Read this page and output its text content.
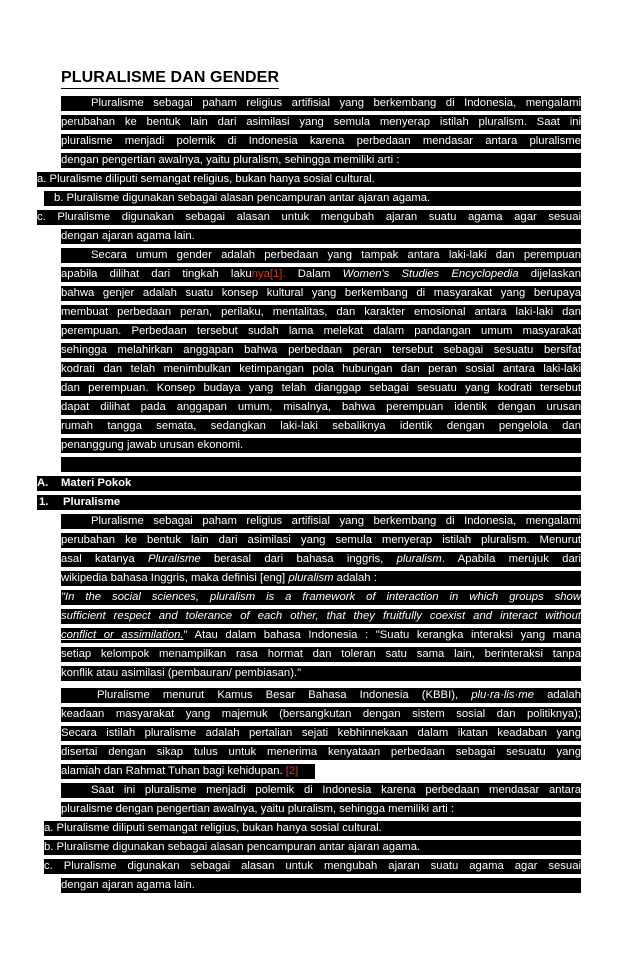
PLURALISME DAN GENDER
Pluralisme sebagai paham religius artifisial yang berkembang di Indonesia, mengalami
perubahan ke bentuk lain dari asimilasi yang semula menyerap istilah pluralism. Saat ini
pluralisme menjadi polemik di Indonesia karena perbedaan mendasar antara pluralisme
dengan pengertian awalnya, yaitu pluralism, sehingga memiliki arti :
a. Pluralisme diliputi semangat religius, bukan hanya sosial cultural.
b. Pluralisme digunakan sebagai alasan pencampuran antar ajaran agama.
c. Pluralisme digunakan sebagai alasan untuk mengubah ajaran suatu agama agar sesuai
dengan ajaran agama lain.
Secara umum gender adalah perbedaan yang tampak antara laki-laki dan perempuan
apabila dilihat dari tingkah lakunya[1]. Dalam Women's Studies Encyclopedia dijelaskan
bahwa genjer adalah suatu konsep kultural yang berkembang di masyarakat yang berupaya
membuat perbedaan peran, perilaku, mentalitas, dan karakter emosional antara laki-laki dan
perempuan. Perbedaan tersebut sudah lama melekat dalam pandangan umum masyarakat
sehingga melahirkan anggapan bahwa perbedaan peran tersebut sebagai sesuatu bersifat
kodrati dan telah menimbulkan ketimpangan pola hubungan dan peran sosial antara laki-laki
dan perempuan. Konsep budaya yang telah dianggap sebagai sesuatu yang kodrati tersebut
dapat dilihat pada anggapan umum, misalnya, bahwa perempuan identik dengan urusan
rumah tangga semata, sedangkan laki-laki sebaliknya identik dengan pengelola dan
penanggung jawab urusan ekonomi.
A. Materi Pokok
1. Pluralisme
Pluralisme sebagai paham religius artifisial yang berkembang di Indonesia, mengalami
perubahan ke bentuk lain dari asimilasi yang semula menyerap istilah pluralism. Menurut
asal katanya Pluralisme berasal dari bahasa inggris, pluralism. Apabila merujuk dari
wikipedia bahasa Inggris, maka definisi [eng] pluralism adalah :
"In the social sciences, pluralism is a framework of interaction in which groups show
sufficient respect and tolerance of each other, that they fruitfully coexist and interact without
conflict or assimilation." Atau dalam bahasa Indonesia : "Suatu kerangka interaksi yang mana
setiap kelompok menampilkan rasa hormat dan toleran satu sama lain, berinteraksi tanpa
konflik atau asimilasi (pembauran/ pembiasan)."
Pluralisme menurut Kamus Besar Bahasa Indonesia (KBBI), plu·ra·lis·me adalah
keadaan masyarakat yang majemuk (bersangkutan dengan sistem sosial dan politiknya);
Secara istilah pluralisme adalah pertalian sejati kebhinnekaan dalam ikatan keadaban yang
disertai dengan sikap tulus untuk menerima kenyataan perbedaan sebagai sesuatu yang
alamiah dan Rahmat Tuhan bagi kehidupan. [2]
Saat ini pluralisme menjadi polemik di Indonesia karena perbedaan mendasar antara
pluralisme dengan pengertian awalnya, yaitu pluralism, sehingga memiliki arti :
a. Pluralisme diliputi semangat religius, bukan hanya sosial cultural.
b. Pluralisme digunakan sebagai alasan pencampuran antar ajaran agama.
c. Pluralisme digunakan sebagai alasan untuk mengubah ajaran suatu agama agar sesuai
dengan ajaran agama lain.
